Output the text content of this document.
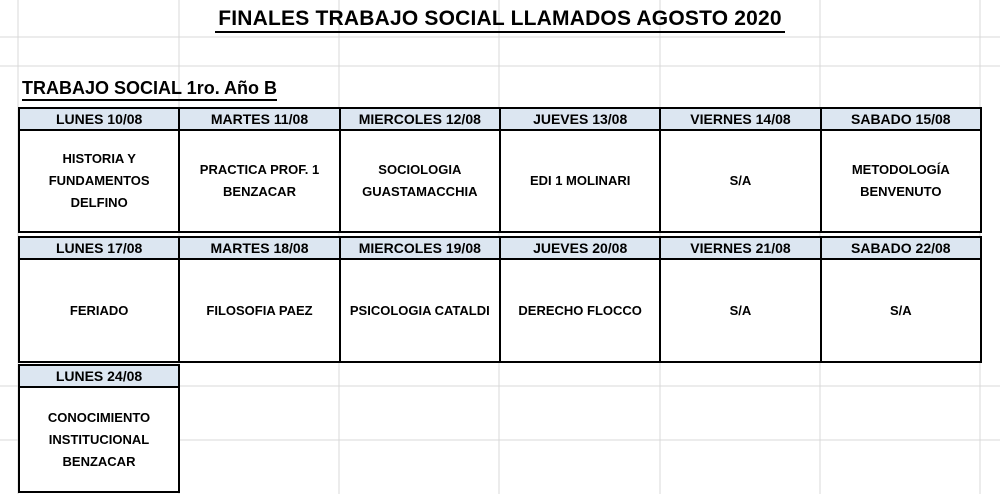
FINALES TRABAJO SOCIAL LLAMADOS AGOSTO 2020
TRABAJO SOCIAL 1ro. Año B
LUNES 10/08	MARTES 11/08	MIERCOLES 12/08	JUEVES 13/08	VIERNES 14/08	SABADO 15/08

HISTORIA Y
FUNDAMENTOS
DELFINO	PRACTICA PROF. 1
BENZACAR	SOCIOLOGIA
GUASTAMACCHIA	EDI 1 MOLINARI	S/A	METODOLOGÍA
BENVENUTO
LUNES 17/08	MARTES 18/08	MIERCOLES 19/08	JUEVES 20/08	VIERNES 21/08	SABADO 22/08

FERIADO	FILOSOFIA PAEZ	PSICOLOGIA CATALDI	DERECHO FLOCCO	S/A	S/A
LUNES 24/08

CONOCIMIENTO
INSTITUCIONAL
BENZACAR
